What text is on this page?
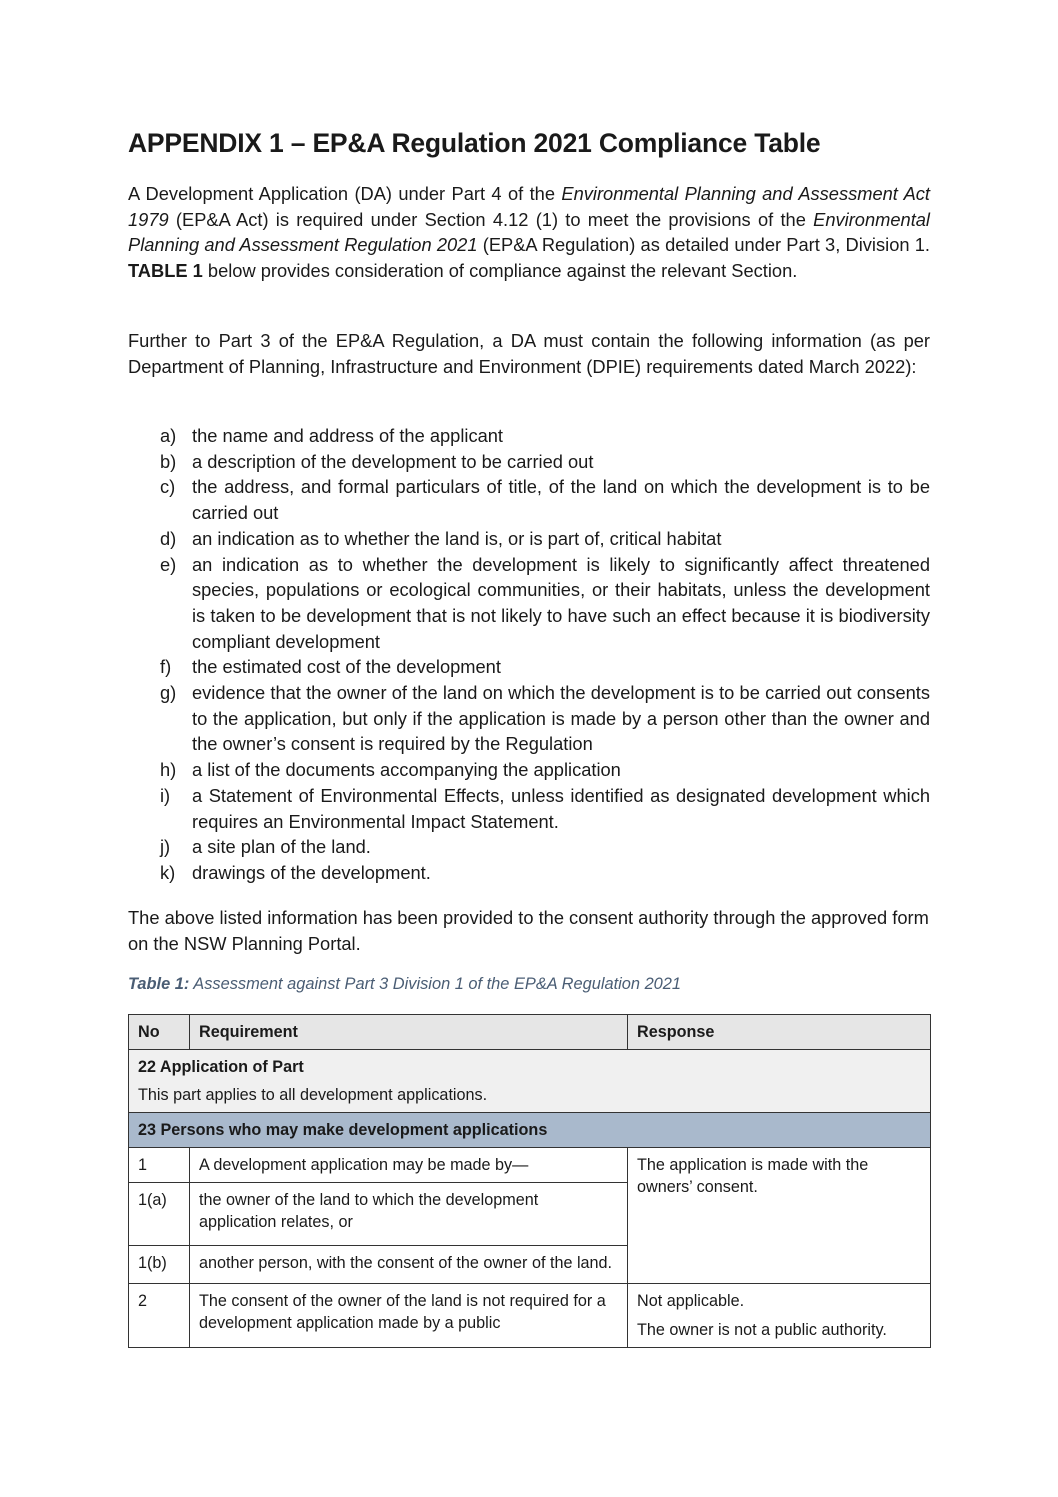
APPENDIX 1 – EP&A Regulation 2021 Compliance Table

A Development Application (DA) under Part 4 of the Environmental Planning and Assessment Act 1979 (EP&A Act) is required under Section 4.12 (1) to meet the provisions of the Environmental Planning and Assessment Regulation 2021 (EP&A Regulation) as detailed under Part 3, Division 1. TABLE 1 below provides consideration of compliance against the relevant Section.

Further to Part 3 of the EP&A Regulation, a DA must contain the following information (as per Department of Planning, Infrastructure and Environment (DPIE) requirements dated March 2022):

a) the name and address of the applicant
b) a description of the development to be carried out
c) the address, and formal particulars of title, of the land on which the development is to be carried out
d) an indication as to whether the land is, or is part of, critical habitat
e) an indication as to whether the development is likely to significantly affect threatened species, populations or ecological communities, or their habitats, unless the development is taken to be development that is not likely to have such an effect because it is biodiversity compliant development
f) the estimated cost of the development
g) evidence that the owner of the land on which the development is to be carried out consents to the application, but only if the application is made by a person other than the owner and the owner’s consent is required by the Regulation
h) a list of the documents accompanying the application
i) a Statement of Environmental Effects, unless identified as designated development which requires an Environmental Impact Statement.
j) a site plan of the land.
k) drawings of the development.

The above listed information has been provided to the consent authority through the approved form on the NSW Planning Portal.

Table 1: Assessment against Part 3 Division 1 of the EP&A Regulation 2021

No	Requirement	Response

22 Application of Part
This part applies to all development applications.		

23 Persons who may make development applications		
1	A development application may be made by—	The application is made with the owners’ consent.
1(a)	the owner of the land to which the development application relates, or	
1(b)	another person, with the consent of the owner of the land.	
2	The consent of the owner of the land is not required for a development application made by a public	Not applicable.
The owner is not a public authority.
